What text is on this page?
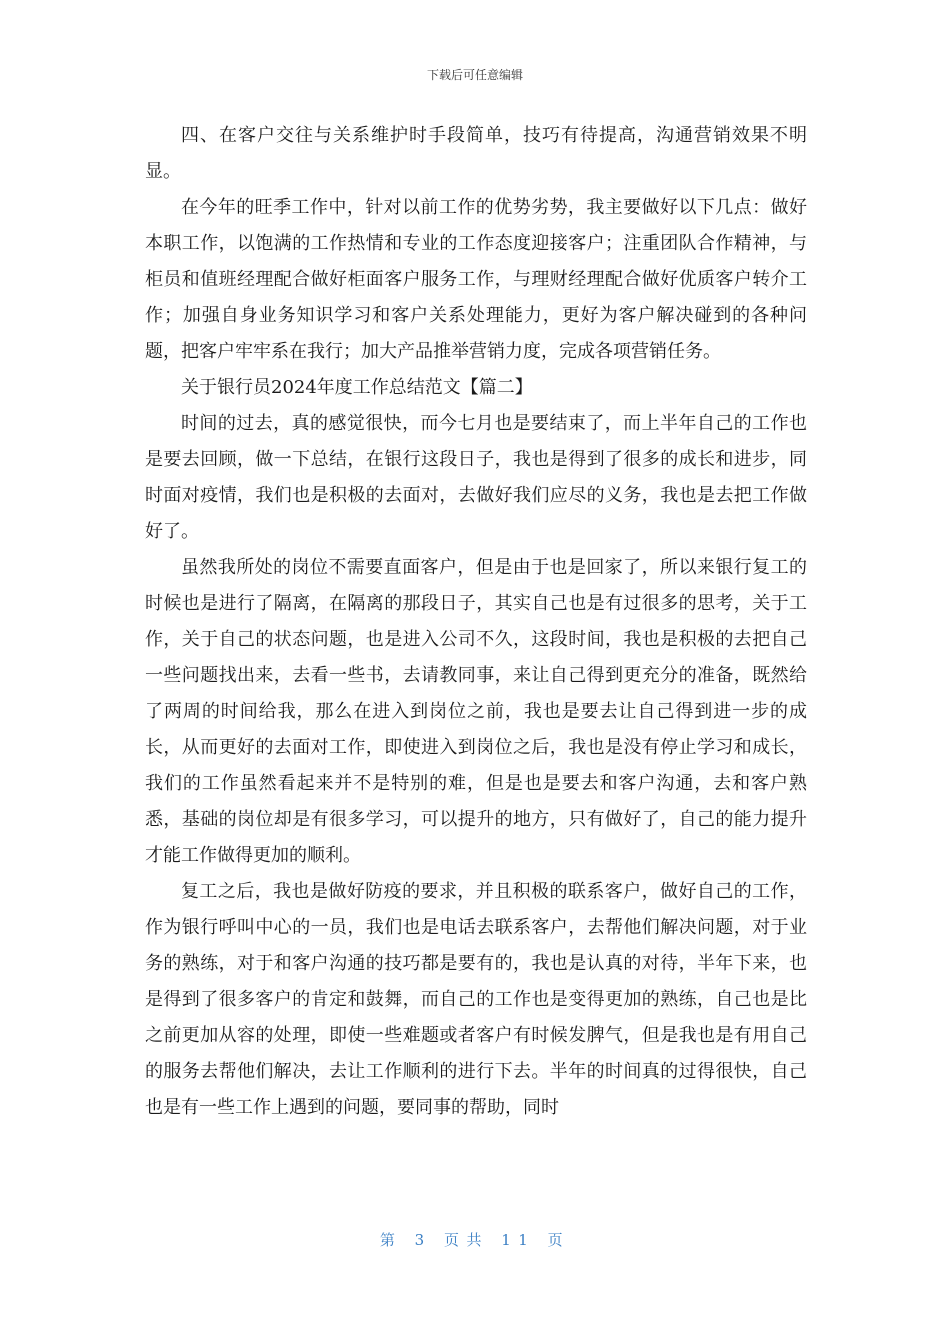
下载后可任意编辑

四、在客户交往与关系维护时手段简单，技巧有待提高，沟通营销效果不明显。

在今年的旺季工作中，针对以前工作的优势劣势，我主要做好以下几点：做好本职工作，以饱满的工作热情和专业的工作态度迎接客户；注重团队合作精神，与柜员和值班经理配合做好柜面客户服务工作，与理财经理配合做好优质客户转介工作；加强自身业务知识学习和客户关系处理能力，更好为客户解决碰到的各种问题，把客户牢牢系在我行；加大产品推举营销力度，完成各项营销任务。

关于银行员2024年度工作总结范文【篇二】

时间的过去，真的感觉很快，而今七月也是要结束了，而上半年自己的工作也是要去回顾，做一下总结，在银行这段日子，我也是得到了很多的成长和进步，同时面对疫情，我们也是积极的去面对，去做好我们应尽的义务，我也是去把工作做好了。

虽然我所处的岗位不需要直面客户，但是由于也是回家了，所以来银行复工的时候也是进行了隔离，在隔离的那段日子，其实自己也是有过很多的思考，关于工作，关于自己的状态问题，也是进入公司不久，这段时间，我也是积极的去把自己一些问题找出来，去看一些书，去请教同事，来让自己得到更充分的准备，既然给了两周的时间给我，那么在进入到岗位之前，我也是要去让自己得到进一步的成长，从而更好的去面对工作，即使进入到岗位之后，我也是没有停止学习和成长，我们的工作虽然看起来并不是特别的难，但是也是要去和客户沟通，去和客户熟悉，基础的岗位却是有很多学习，可以提升的地方，只有做好了，自己的能力提升才能工作做得更加的顺利。

复工之后，我也是做好防疫的要求，并且积极的联系客户，做好自己的工作，作为银行呼叫中心的一员，我们也是电话去联系客户，去帮他们解决问题，对于业务的熟练，对于和客户沟通的技巧都是要有的，我也是认真的对待，半年下来，也是得到了很多客户的肯定和鼓舞，而自己的工作也是变得更加的熟练，自己也是比之前更加从容的处理，即使一些难题或者客户有时候发脾气，但是我也是有用自己的服务去帮他们解决，去让工作顺利的进行下去。半年的时间真的过得很快，自己也是有一些工作上遇到的问题，要同事的帮助，同时

第 3 页共 11 页
